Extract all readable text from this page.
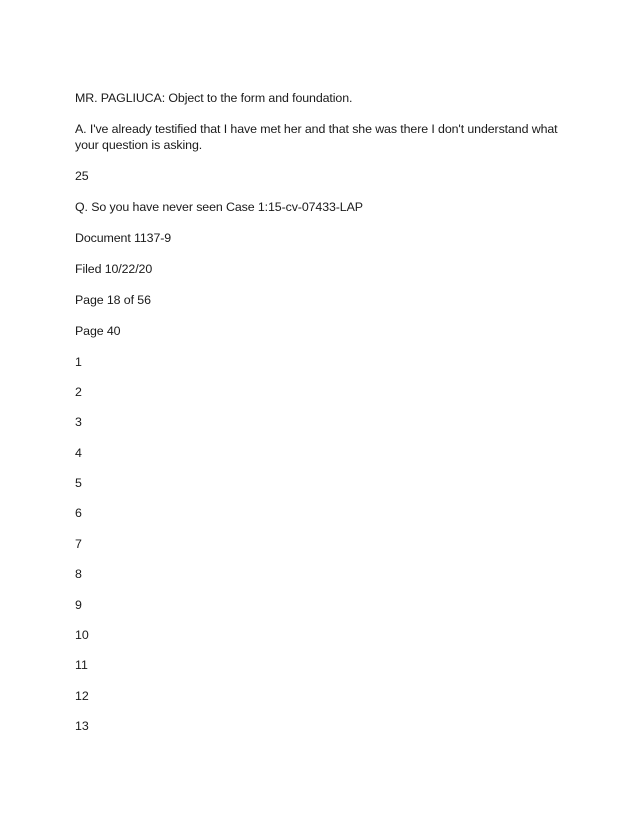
MR. PAGLIUCA: Object to the form and foundation.

A. I've already testified that I have met her and that she was there I don't understand what your question is asking.

25

Q. So you have never seen Case 1:15-cv-07433-LAP

Document 1137-9

Filed 10/22/20

Page 18 of 56

Page 40

1
2
3
4
5
6
7
8
9
10
11
12
13
